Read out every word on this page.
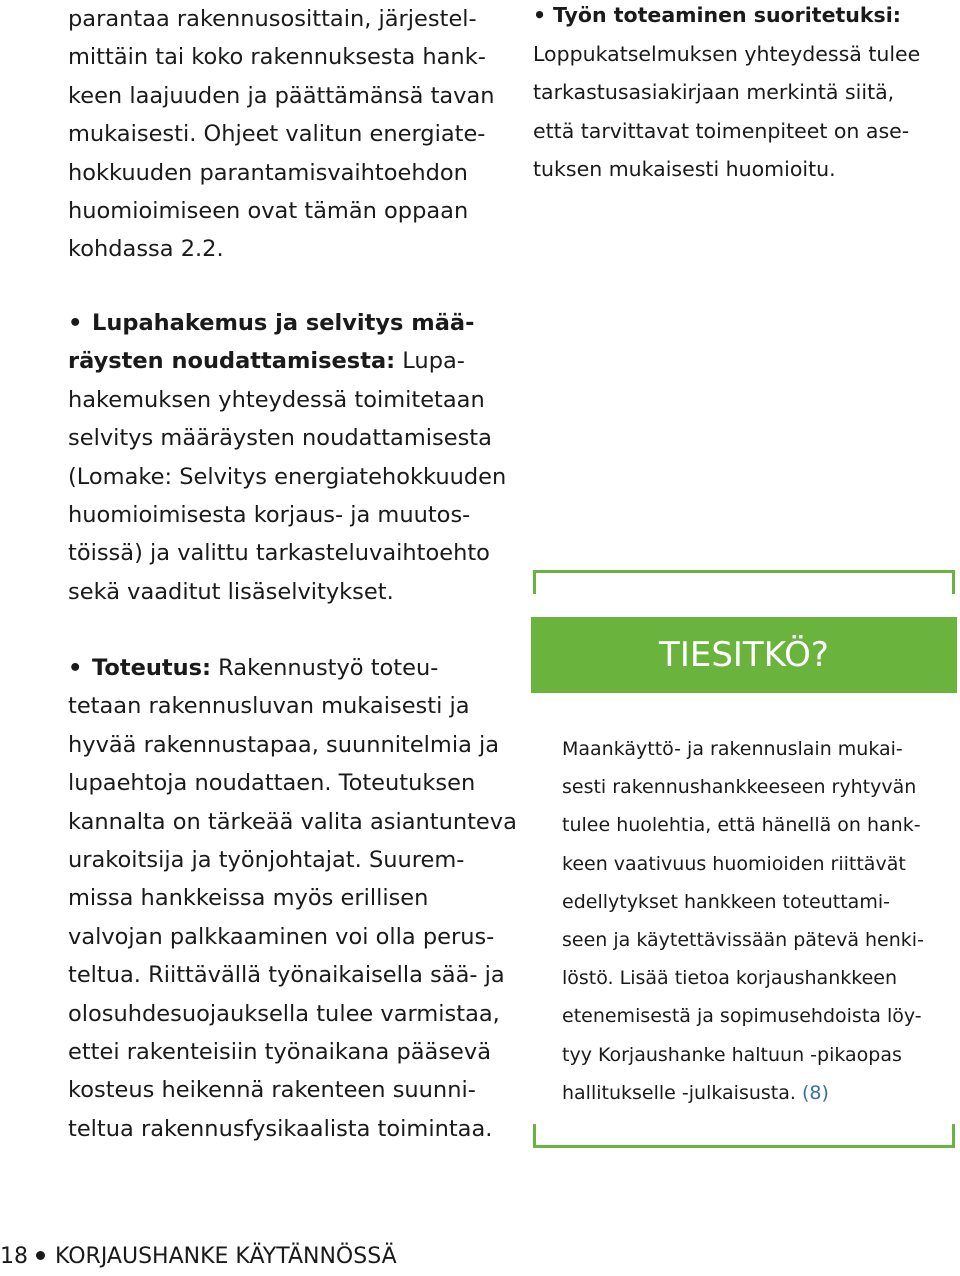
parantaa rakennusosittain, järjestel-
mittäin tai koko rakennuksesta hank-
keen laajuuden ja päättämänsä tavan
mukaisesti. Ohjeet valitun energiate-
hokkuuden parantamisvaihtoehdon
huomioimiseen ovat tämän oppaan
kohdassa 2.2.
• Lupahakemus ja selvitys mää-
räysten noudattamisesta: Lupa-
hakemuksen yhteydessä toimitetaan
selvitys määräysten noudattamisesta
(Lomake: Selvitys energiatehokkuuden
huomioimisesta korjaus- ja muutos-
töissä) ja valittu tarkasteluvaihtoehto
sekä vaaditut lisäselvitykset.
• Toteutus: Rakennustyö toteu-
tetaan rakennusluvan mukaisesti ja
hyvää rakennustapaa, suunnitelmia ja
lupaehtoja noudattaen. Toteutuksen
kannalta on tärkeää valita asiantunteva
urakoitsija ja työnjohtajat. Suurem-
missa hankkeissa myös erillisen
valvojan palkkaaminen voi olla perus-
teltua. Riittävällä työnaikaisella sää- ja
olosuhdesuojauksella tulee varmistaa,
ettei rakenteisiin työnaikana pääsevä
kosteus heikennä rakenteen suunni-
teltua rakennusfysikaalista toimintaa.
• Työn toteaminen suoritetuksi:
Loppukatselmuksen yhteydessä tulee
tarkastusasiakirjaan merkintä siitä,
että tarvittavat toimenpiteet on ase-
tuksen mukaisesti huomioitu.
TIESITKÖ?
Maankäyttö- ja rakennuslain mukai-
sesti rakennushankkeeseen ryhtyvän
tulee huolehtia, että hänellä on hank-
keen vaativuus huomioiden riittävät
edellytykset hankkeen toteuttami-
seen ja käytettävissään pätevä henki-
löstö. Lisää tietoa korjaushankkeen
etenemisestä ja sopimusehdoista löy-
tyy Korjaushanke haltuun -pikaopas
hallitukselle -julkaisusta. (8)
18 KORJAUSHANKE KÄYTÄNNÖSSÄ
